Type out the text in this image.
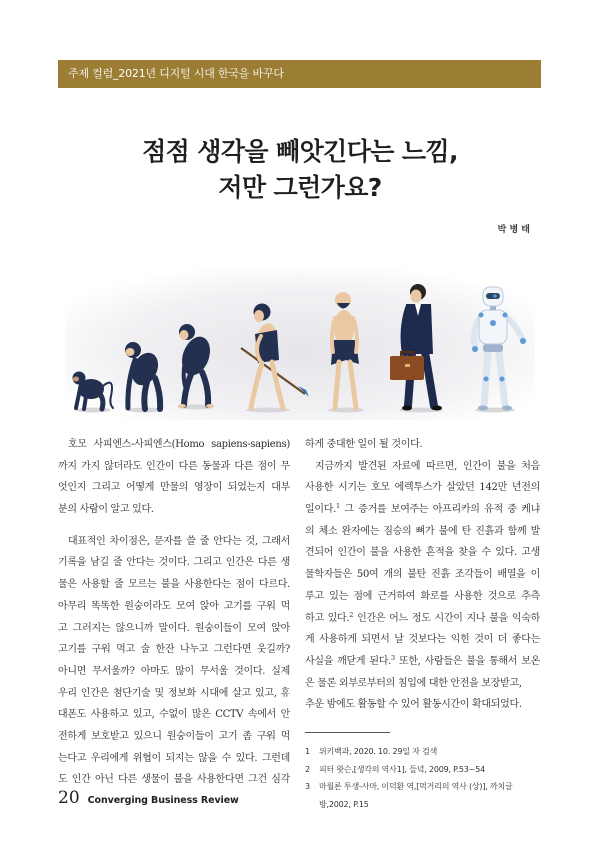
주제 컬럼_2021년 디지털 시대 한국을 바꾸다
점점 생각을 빼앗긴다는 느낌,
저만 그런가요?
박 병 태
호모 사피엔스-사피엔스(Homo sapiens-sapiens)
까지 가지 않더라도 인간이 다른 동물과 다른 점이 무
엇인지 그리고 어떻게 만물의 영장이 되었는지 대부
분의 사람이 알고 있다.
대표적인 차이점은, 문자를 쓸 줄 안다는 것, 그래서
기록을 남길 줄 안다는 것이다. 그리고 인간은 다른 생
물은 사용할 줄 모르는 불을 사용한다는 점이 다르다.
아무리 똑똑한 원숭이라도 모여 앉아 고기를 구워 먹
고 그러지는 않으니까 말이다. 원숭이들이 모여 앉아
고기를 구워 먹고 술 한잔 나누고 그런다면 웃길까?
아니면 무서울까? 아마도 많이 무서울 것이다. 실제
우리 인간은 첨단기술 및 정보화 시대에 살고 있고, 휴
대폰도 사용하고 있고, 수없이 많은 CCTV 속에서 안
전하게 보호받고 있으니 원숭이들이 고기 좀 구워 먹
는다고 우리에게 위협이 되지는 않을 수 있다. 그런데
도 인간 아닌 다른 생물이 불을 사용한다면 그건 심각
하게 중대한 일이 될 것이다.
지금까지 발견된 자료에 따르면, 인간이 불을 처음
사용한 시기는 호모 에렉투스가 살았던 142만 년전의
일이다.$^1$ 그 증거를 보여주는 아프리카의 유적 중 케냐
의 체소 완자에는 짐승의 뼈가 불에 탄 진흙과 함께 발
견되어 인간이 불을 사용한 흔적을 찾을 수 있다. 고생
물학자들은 50여 개의 불탄 진흙 조각들이 배열을 이
루고 있는 점에 근거하여 화로를 사용한 것으로 추측
하고 있다.$^2$ 인간은 어느 정도 시간이 지나 불을 익숙하
게 사용하게 되면서 날 것보다는 익힌 것이 더 좋다는
사실을 깨닫게 된다.$^3$ 또한, 사람들은 불을 통해서 보온
은 물론 외부로부터의 침입에 대한 안전을 보장받고,
추운 밤에도 활동할 수 있어 활동시간이 확대되었다.
1 위키백과, 2020. 10. 29일 자 검색
2 피터 왓슨,[생각의 역사1], 들녘, 2009, P.53~54
3 마월론 투생-사마, 이덕환 역,[먹거리의 역사 (상)], 까치글
방,2002, P.15
20 Converging Business Review
